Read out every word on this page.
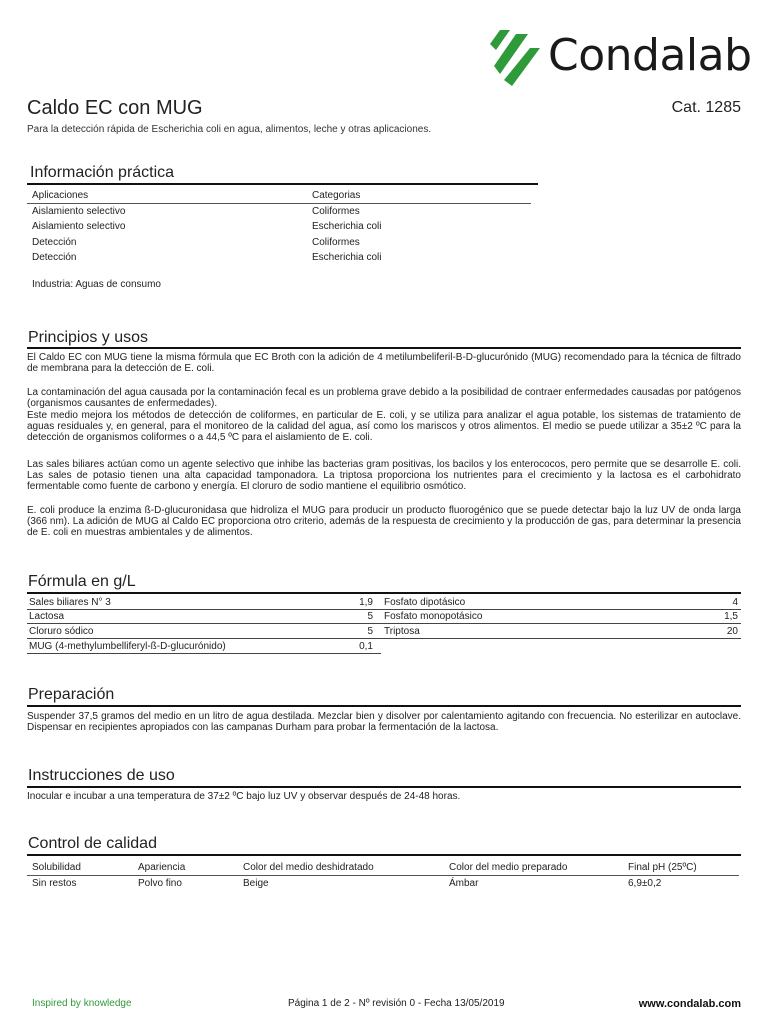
Condalab
Caldo EC con MUG	Cat. 1285
Para la detección rápida de Escherichia coli en agua, alimentos, leche y otras aplicaciones.
Información práctica
Aplicaciones	Categorias
Aislamiento selectivo	Coliformes
Aislamiento selectivo	Escherichia coli
Detección	Coliformes
Detección	Escherichia coli
Industria: Aguas de consumo
Principios y usos
El Caldo EC con MUG tiene la misma fórmula que EC Broth con la adición de 4 metilumbeliferil-B-D-glucurónido (MUG) recomendado para la técnica de filtrado de membrana para la detección de E. coli.
La contaminación del agua causada por la contaminación fecal es un problema grave debido a la posibilidad de contraer enfermedades causadas por patógenos (organismos causantes de enfermedades).
Este medio mejora los métodos de detección de coliformes, en particular de E. coli, y se utiliza para analizar el agua potable, los sistemas de tratamiento de aguas residuales y, en general, para el monitoreo de la calidad del agua, así como los mariscos y otros alimentos. El medio se puede utilizar a 35±2 ºC para la detección de organismos coliformes o a 44,5 ºC para el aislamiento de E. coli.
Las sales biliares actúan como un agente selectivo que inhibe las bacterias gram positivas, los bacilos y los enterococos, pero permite que se desarrolle E. coli. Las sales de potasio tienen una alta capacidad tamponadora. La triptosa proporciona los nutrientes para el crecimiento y la lactosa es el carbohidrato fermentable como fuente de carbono y energía. El cloruro de sodio mantiene el equilibrio osmótico.
E. coli produce la enzima ß-D-glucuronidasa que hidroliza el MUG para producir un producto fluorogénico que se puede detectar bajo la luz UV de onda larga (366 nm). La adición de MUG al Caldo EC proporciona otro criterio, además de la respuesta de crecimiento y la producción de gas, para determinar la presencia de E. coli en muestras ambientales y de alimentos.
Fórmula en g/L
Sales biliares N° 3	1,9
Lactosa	5
Cloruro sódico	5
MUG (4-methylumbelliferyl-ß-D-glucurónido)	0,1
Fosfato dipotásico	4
Fosfato monopotásico	1,5
Triptosa	20
Preparación
Suspender 37,5 gramos del medio en un litro de agua destilada. Mezclar bien y disolver por calentamiento agitando con frecuencia. No esterilizar en autoclave. Dispensar en recipientes apropiados con las campanas Durham para probar la fermentación de la lactosa.
Instrucciones de uso
Inocular e incubar a una temperatura de 37±2 ºC bajo luz UV y observar después de 24-48 horas.
Control de calidad
Solubilidad	Apariencia	Color del medio deshidratado	Color del medio preparado	Final pH (25ºC)
Sin restos	Polvo fino	Beige	Ámbar	6,9±0,2
Inspired by knowledge	Página 1 de 2 - Nº revisión 0 - Fecha 13/05/2019	www.condalab.com
